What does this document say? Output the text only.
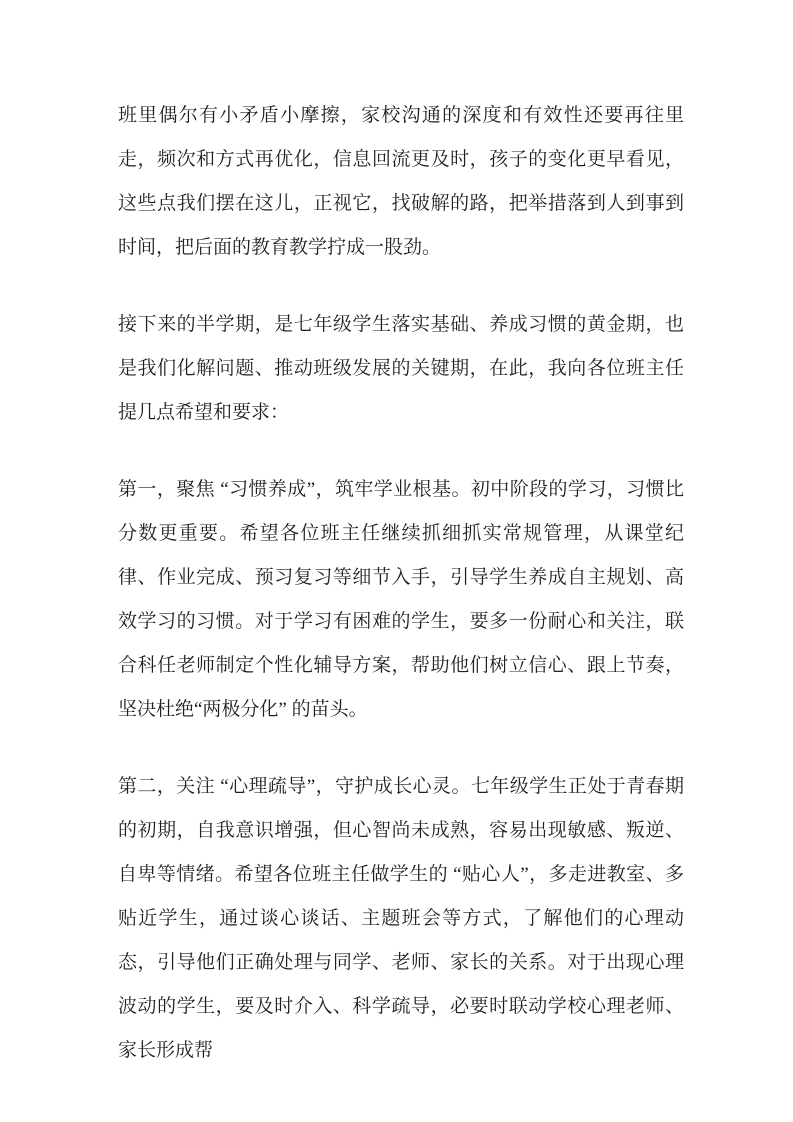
班里偶尔有小矛盾小摩擦，家校沟通的深度和有效性还要再往里走，频次和方式再优化，信息回流更及时，孩子的变化更早看见，这些点我们摆在这儿，正视它，找破解的路，把举措落到人到事到时间，把后面的教育教学拧成一股劲。

接下来的半学期，是七年级学生落实基础、养成习惯的黄金期，也是我们化解问题、推动班级发展的关键期，在此，我向各位班主任提几点希望和要求：

第一，聚焦 “习惯养成”，筑牢学业根基。初中阶段的学习，习惯比分数更重要。希望各位班主任继续抓细抓实常规管理，从课堂纪律、作业完成、预习复习等细节入手，引导学生养成自主规划、高效学习的习惯。对于学习有困难的学生，要多一份耐心和关注，联合科任老师制定个性化辅导方案，帮助他们树立信心、跟上节奏，坚决杜绝“两极分化” 的苗头。

第二，关注 “心理疏导”，守护成长心灵。七年级学生正处于青春期的初期，自我意识增强，但心智尚未成熟，容易出现敏感、叛逆、自卑等情绪。希望各位班主任做学生的 “贴心人”，多走进教室、多贴近学生，通过谈心谈话、主题班会等方式，了解他们的心理动态，引导他们正确处理与同学、老师、家长的关系。对于出现心理波动的学生，要及时介入、科学疏导，必要时联动学校心理老师、家长形成帮
